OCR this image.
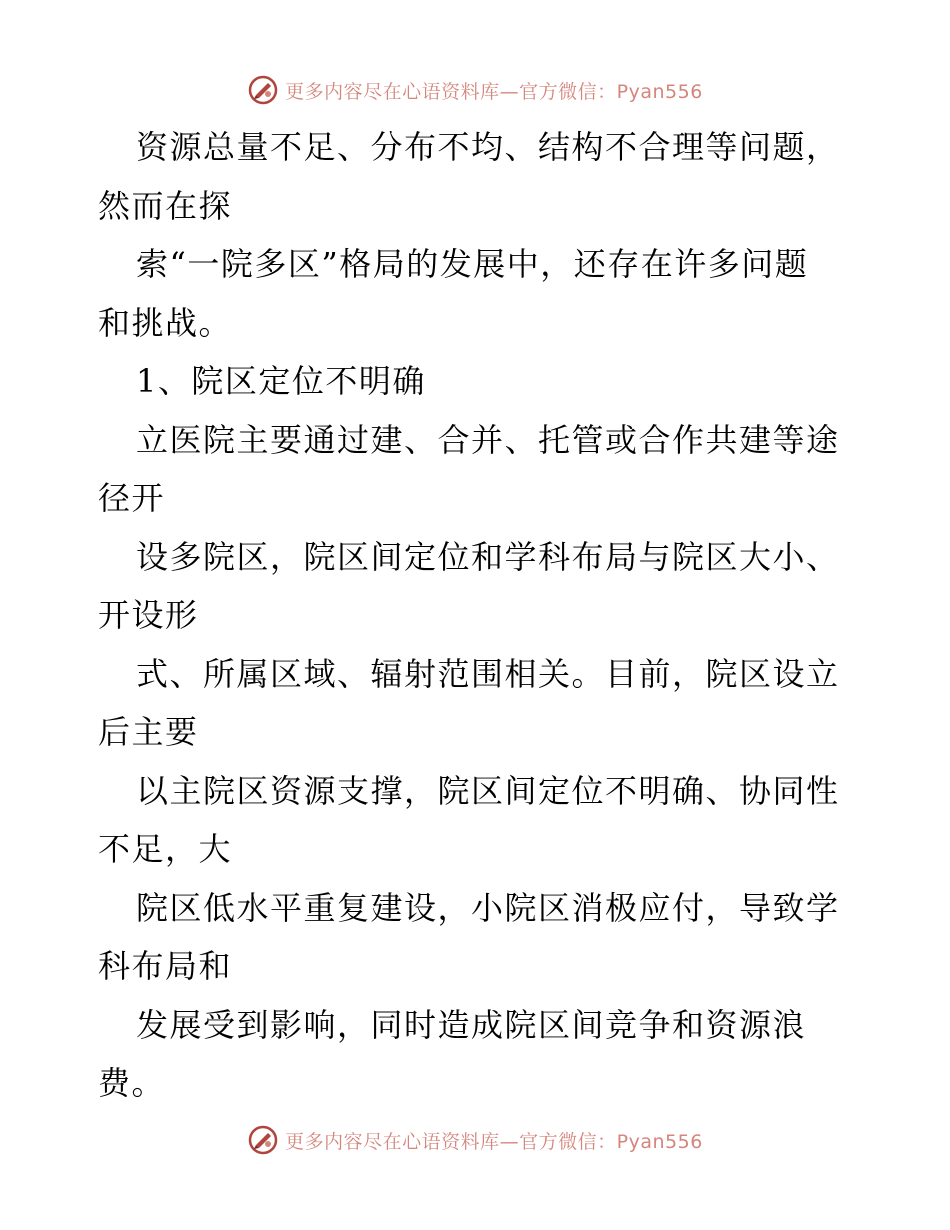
更多内容尽在心语资料库—官方微信：Pyan556
资源总量不足、分布不均、结构不合理等问题，
然而在探
索“一院多区”格局的发展中，还存在许多问题
和挑战。
1、院区定位不明确
立医院主要通过建、合并、托管或合作共建等途
径开
设多院区，院区间定位和学科布局与院区大小、
开设形
式、所属区域、辐射范围相关。目前，院区设立
后主要
以主院区资源支撑，院区间定位不明确、协同性
不足，大
院区低水平重复建设，小院区消极应付，导致学
科布局和
发展受到影响，同时造成院区间竞争和资源浪
费。
更多内容尽在心语资料库—官方微信：Pyan556
